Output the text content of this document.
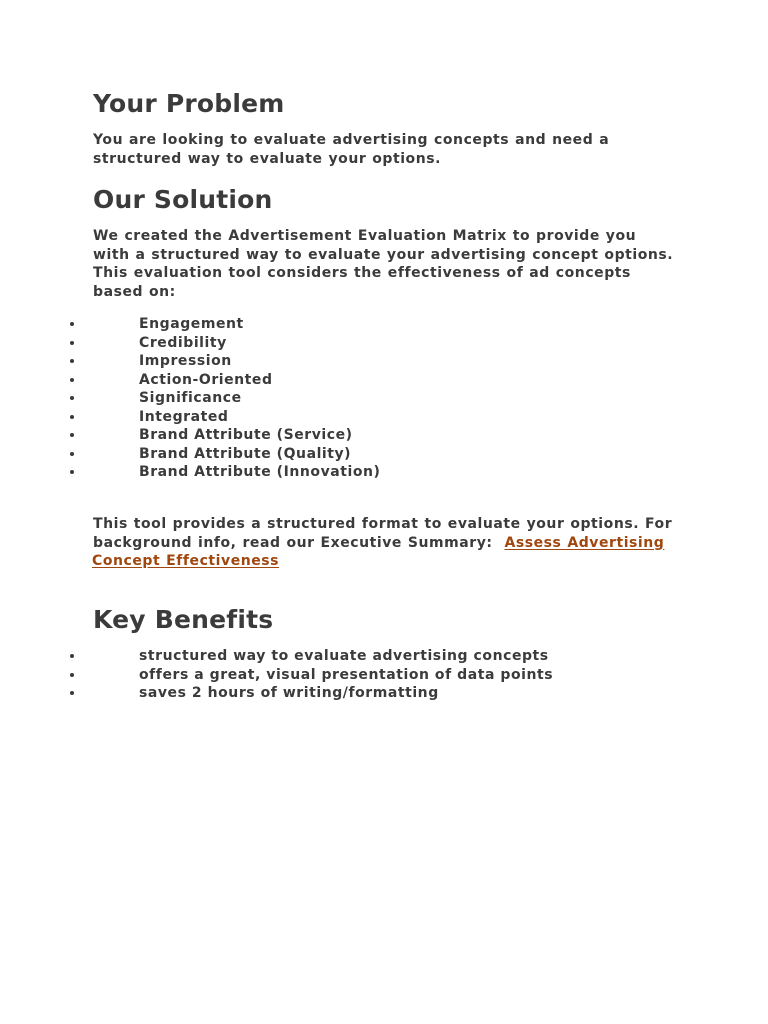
Your Problem
You are looking to evaluate advertising concepts and need a
structured way to evaluate your options.
Our Solution
We created the Advertisement Evaluation Matrix to provide you
with a structured way to evaluate your advertising concept options.
This evaluation tool considers the effectiveness of ad concepts
based on:
Engagement
Credibility
Impression
Action-Oriented
Significance
Integrated
Brand Attribute (Service)
Brand Attribute (Quality)
Brand Attribute (Innovation)
This tool provides a structured format to evaluate your options. For
background info, read our Executive Summary: Assess Advertising
Concept Effectiveness
Key Benefits
structured way to evaluate advertising concepts
offers a great, visual presentation of data points
saves 2 hours of writing/formatting
